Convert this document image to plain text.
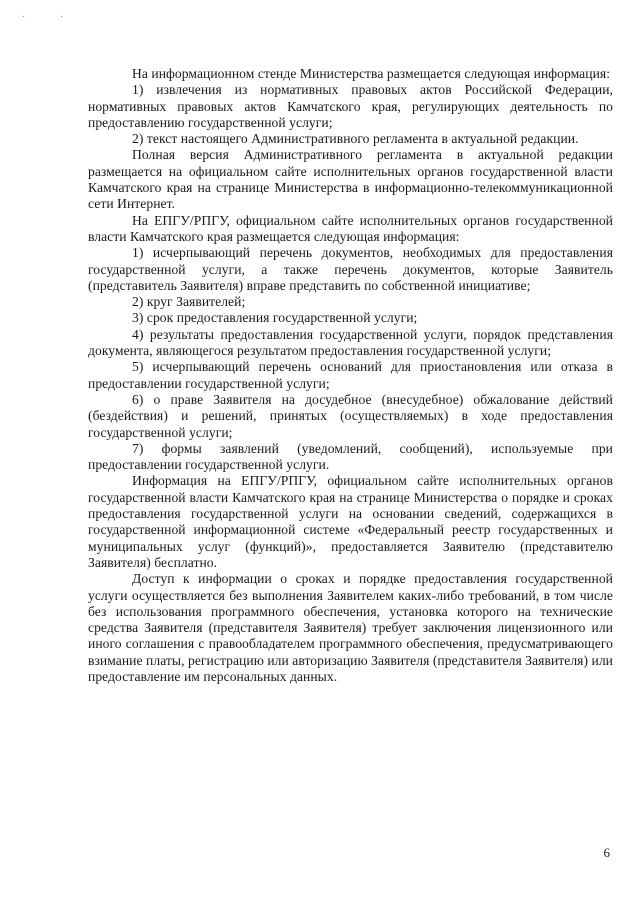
·	·

На информационном стенде Министерства размещается следующая информация:

1) извлечения из нормативных правовых актов Российской Федерации, нормативных правовых актов Камчатского края, регулирующих деятельность по предоставлению государственной услуги;

2) текст настоящего Административного регламента в актуальной редакции.

Полная версия Административного регламента в актуальной редакции размещается на официальном сайте исполнительных органов государственной власти Камчатского края на странице Министерства в информационно-телекоммуникационной сети Интернет.

На ЕПГУ/РПГУ, официальном сайте исполнительных органов государственной власти Камчатского края размещается следующая информация:

1) исчерпывающий перечень документов, необходимых для предоставления государственной услуги, а также перечень документов, которые Заявитель (представитель Заявителя) вправе представить по собственной инициативе;

2) круг Заявителей;

3) срок предоставления государственной услуги;

4) результаты предоставления государственной услуги, порядок представления документа, являющегося результатом предоставления государственной услуги;

5) исчерпывающий перечень оснований для приостановления или отказа в предоставлении государственной услуги;

6) о праве Заявителя на досудебное (внесудебное) обжалование действий (бездействия) и решений, принятых (осуществляемых) в ходе предоставления государственной услуги;

7) формы заявлений (уведомлений, сообщений), используемые при предоставлении государственной услуги.

Информация на ЕПГУ/РПГУ, официальном сайте исполнительных органов государственной власти Камчатского края на странице Министерства о порядке и сроках предоставления государственной услуги на основании сведений, содержащихся в государственной информационной системе «Федеральный реестр государственных и муниципальных услуг (функций)», предоставляется Заявителю (представителю Заявителя) бесплатно.

Доступ к информации о сроках и порядке предоставления государственной услуги осуществляется без выполнения Заявителем каких-либо требований, в том числе без использования программного обеспечения, установка которого на технические средства Заявителя (представителя Заявителя) требует заключения лицензионного или иного соглашения с правообладателем программного обеспечения, предусматривающего взимание платы, регистрацию или авторизацию Заявителя (представителя Заявителя) или предоставление им персональных данных.

6
